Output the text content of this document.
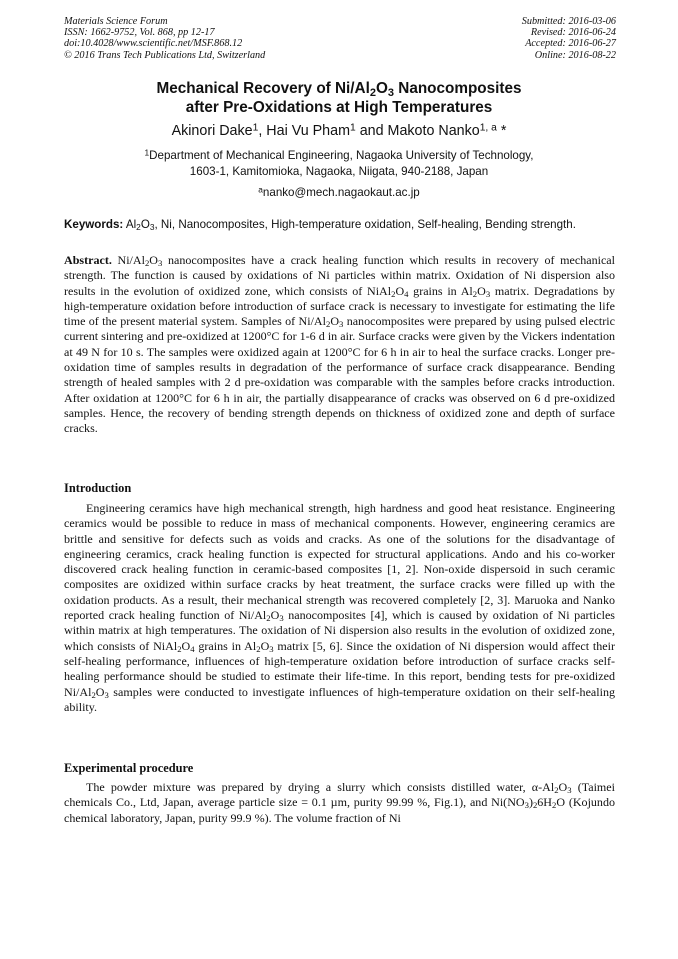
Materials Science Forum
ISSN: 1662-9752, Vol. 868, pp 12-17
doi:10.4028/www.scientific.net/MSF.868.12
© 2016 Trans Tech Publications Ltd, Switzerland
Submitted: 2016-03-06
Revised: 2016-06-24
Accepted: 2016-06-27
Online: 2016-08-22
Mechanical Recovery of $Ni/Al_2O_3$ Nanocomposites
after Pre-Oxidations at High Temperatures
Akinori Dake$^1$, Hai Vu Pham$^1$ and Makoto Nanko$^{1, a}$ *
$^1$Department of Mechanical Engineering, Nagaoka University of Technology,
1603-1, Kamitomioka, Nagaoka, Niigata, 940-2188, Japan
$^a$nanko@mech.nagaokaut.ac.jp
Keywords: $Al_2O_3$, Ni, Nanocomposites, High-temperature oxidation, Self-healing, Bending strength.
Abstract. $Ni/Al_2O_3$ nanocomposites have a crack healing function which results in recovery of mechanical strength. The function is caused by oxidations of Ni particles within matrix. Oxidation of Ni dispersion also results in the evolution of oxidized zone, which consists of $NiAl_2O_4$ grains in $Al_2O_3$ matrix. Degradations by high-temperature oxidation before introduction of surface crack is necessary to investigate for estimating the life time of the present material system. Samples of $Ni/Al_2O_3$ nanocomposites were prepared by using pulsed electric current sintering and pre-oxidized at 1200°C for 1-6 d in air. Surface cracks were given by the Vickers indentation at 49 N for 10 s. The samples were oxidized again at 1200°C for 6 h in air to heal the surface cracks. Longer pre-oxidation time of samples results in degradation of the performance of surface crack disappearance. Bending strength of healed samples with 2 d pre-oxidation was comparable with the samples before cracks introduction. After oxidation at 1200°C for 6 h in air, the partially disappearance of cracks was observed on 6 d pre-oxidized samples. Hence, the recovery of bending strength depends on thickness of oxidized zone and depth of surface cracks.
Introduction
Engineering ceramics have high mechanical strength, high hardness and good heat resistance. Engineering ceramics would be possible to reduce in mass of mechanical components. However, engineering ceramics are brittle and sensitive for defects such as voids and cracks. As one of the solutions for the disadvantage of engineering ceramics, crack healing function is expected for structural applications. Ando and his co-worker discovered crack healing function in ceramic-based composites [1, 2]. Non-oxide dispersoid in such ceramic composites are oxidized within surface cracks by heat treatment, the surface cracks were filled up with the oxidation products. As a result, their mechanical strength was recovered completely [2, 3]. Maruoka and Nanko reported crack healing function of $Ni/Al_2O_3$ nanocomposites [4], which is caused by oxidation of Ni particles within matrix at high temperatures. The oxidation of Ni dispersion also results in the evolution of oxidized zone, which consists of $NiAl_2O_4$ grains in $Al_2O_3$ matrix [5, 6]. Since the oxidation of Ni dispersion would affect their self-healing performance, influences of high-temperature oxidation before introduction of surface cracks self-healing performance should be studied to estimate their life-time. In this report, bending tests for pre-oxidized $Ni/Al_2O_3$ samples were conducted to investigate influences of high-temperature oxidation on their self-healing ability.
Experimental procedure
The powder mixture was prepared by drying a slurry which consists distilled water, $\alpha-Al_2O_3$ (Taimei chemicals Co., Ltd, Japan, average particle size = 0.1 µm, purity 99.99 %, Fig.1), and $Ni(NO_3)_26H_2O$ (Kojundo chemical laboratory, Japan, purity 99.9 %). The volume fraction of Ni
